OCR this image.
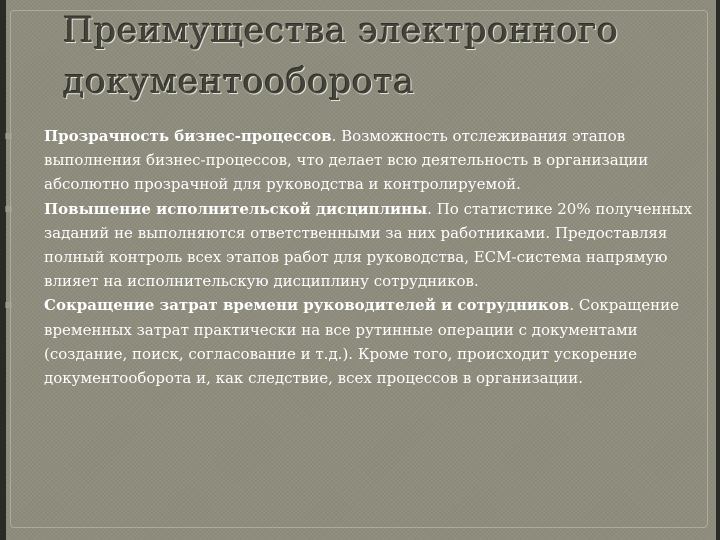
Преимущества электронного
документооборота
Прозрачность бизнес-процессов. Возможность отслеживания этапов выполнения бизнес-процессов, что делает всю деятельность в организации абсолютно прозрачной для руководства и контролируемой.
Повышение исполнительской дисциплины. По статистике 20% полученных заданий не выполняются ответственными за них работниками. Предоставляя полный контроль всех этапов работ для руководства, ECM-система напрямую влияет на исполнительскую дисциплину сотрудников.
Сокращение затрат времени руководителей и сотрудников. Сокращение временных затрат практически на все рутинные операции с документами (создание, поиск, согласование и т.д.). Кроме того, происходит ускорение документооборота и, как следствие, всех процессов в организации.
